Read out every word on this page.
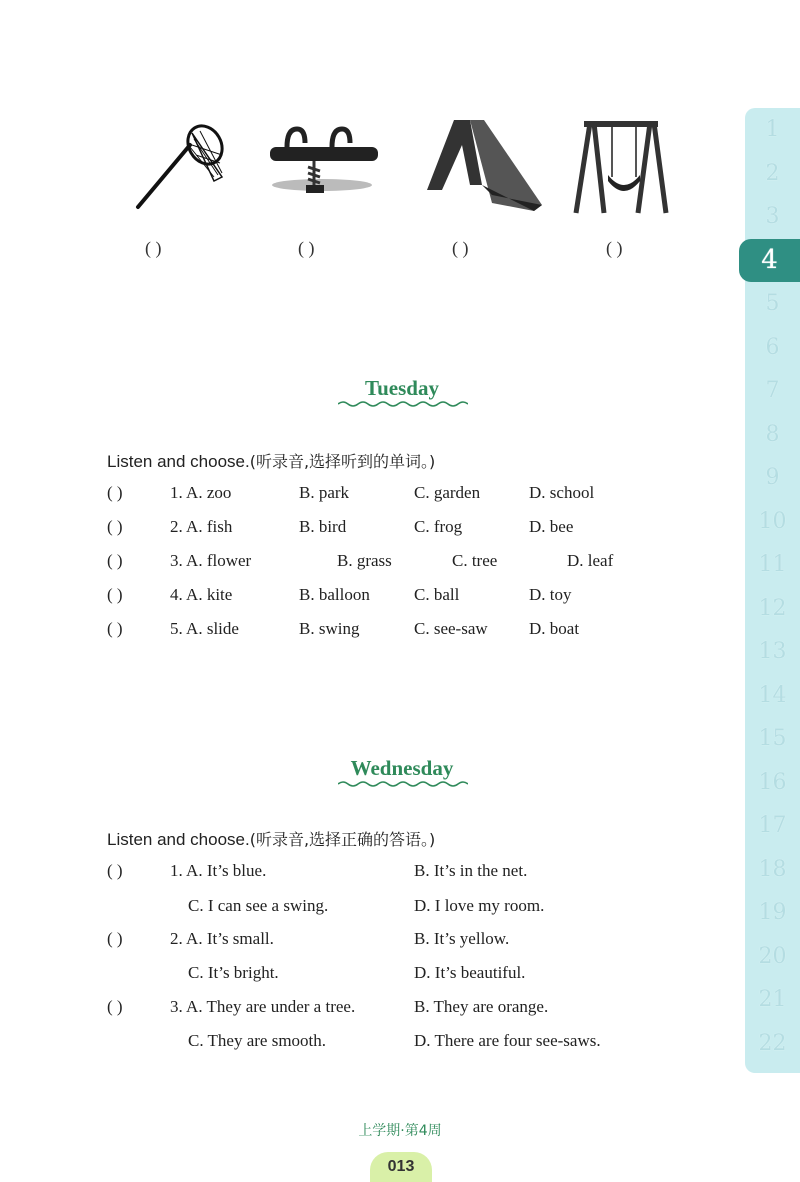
( )	( )	( )	( )
Tuesday
Listen and choose.(听录音,选择听到的单词。)
( )	1. A. zoo	B. park	C. garden	D. school
( )	2. A. fish	B. bird	C. frog	D. bee
( )	3. A. flower	B. grass	C. tree	D. leaf
( )	4. A. kite	B. balloon	C. ball	D. toy
( )	5. A. slide	B. swing	C. see-saw D. boat
Wednesday
Listen and choose.(听录音,选择正确的答语。)
( )	1. A. It’s blue.	B. It’s in the net.
C. I can see a swing.	D. I love my room.
( )	2. A. It’s small.	B. It’s yellow.
C. It’s bright.	D. It’s beautiful.
( )	3. A. They are under a tree.	B. They are orange.
C. They are smooth.	D. There are four see-saws.
1
2
3
4
5
6
7
8
9
10
11
12
13
14
15
16
17
18
19
20
21
22
上学期·第4周
013
